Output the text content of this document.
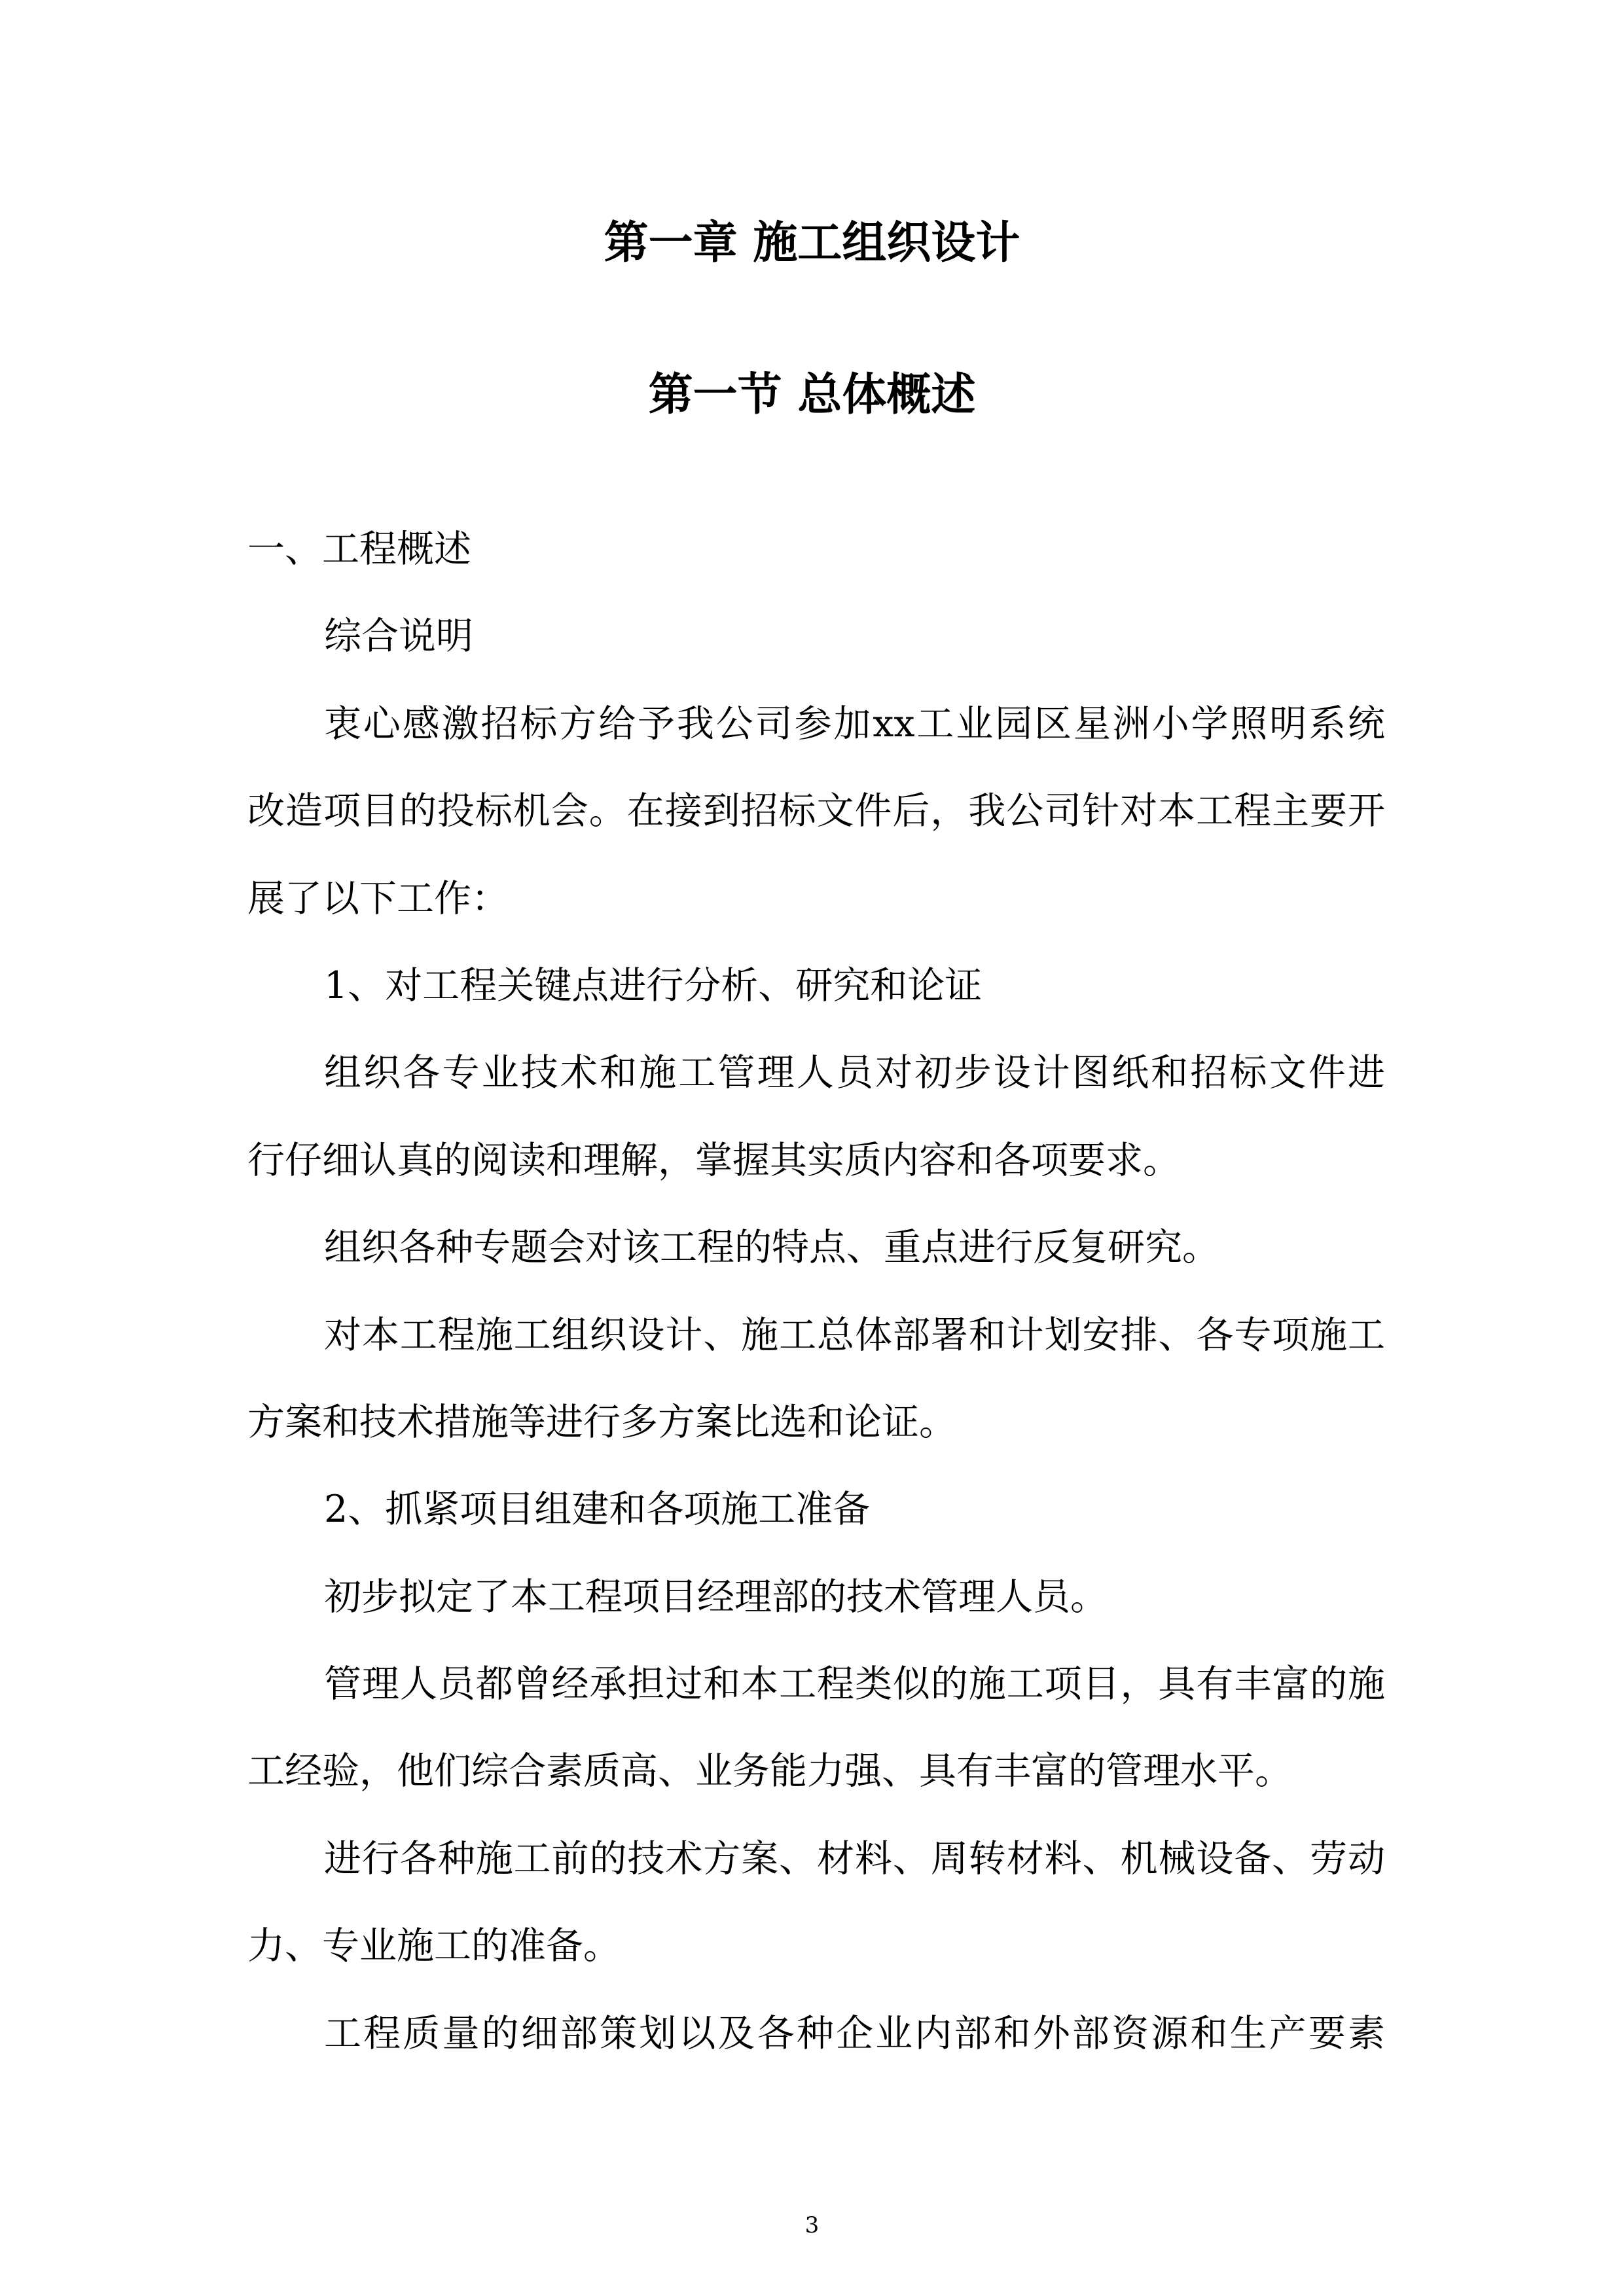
第一章 施工组织设计
第一节 总体概述
一、工程概述
综合说明
衷心感激招标方给予我公司参加xx工业园区星洲小学照明系统
改造项目的投标机会。在接到招标文件后，我公司针对本工程主要开
展了以下工作：
1、对工程关键点进行分析、研究和论证
组织各专业技术和施工管理人员对初步设计图纸和招标文件进
行仔细认真的阅读和理解，掌握其实质内容和各项要求。
组织各种专题会对该工程的特点、重点进行反复研究。
对本工程施工组织设计、施工总体部署和计划安排、各专项施工
方案和技术措施等进行多方案比选和论证。
2、抓紧项目组建和各项施工准备
初步拟定了本工程项目经理部的技术管理人员。
管理人员都曾经承担过和本工程类似的施工项目，具有丰富的施
工经验，他们综合素质高、业务能力强、具有丰富的管理水平。
进行各种施工前的技术方案、材料、周转材料、机械设备、劳动
力、专业施工的准备。
工程质量的细部策划以及各种企业内部和外部资源和生产要素
3
